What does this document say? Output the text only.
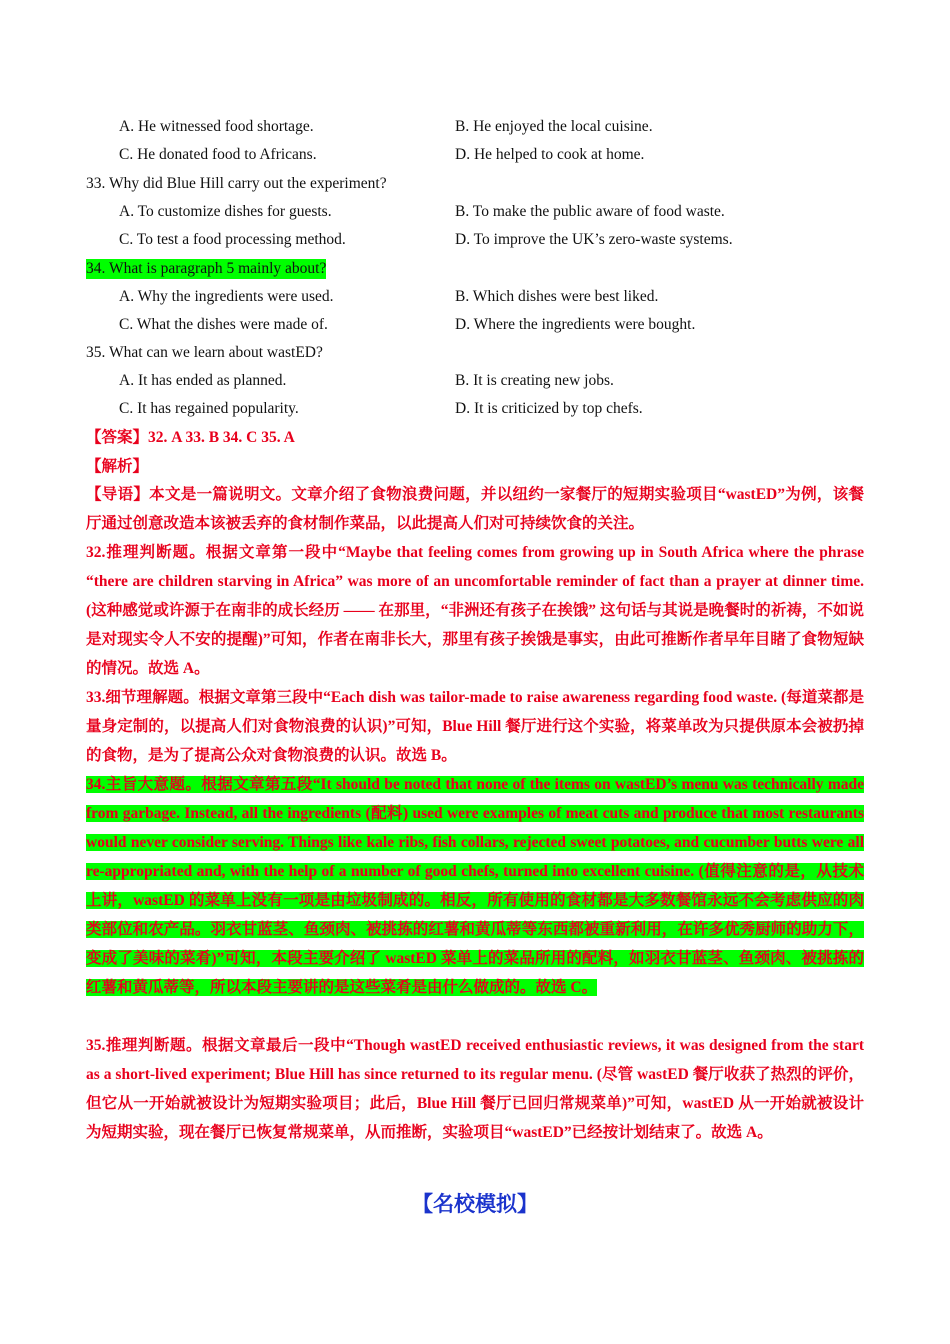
A. He witnessed food shortage.	B. He enjoyed the local cuisine.
C. He donated food to Africans.	D. He helped to cook at home.
33. Why did Blue Hill carry out the experiment?
A. To customize dishes for guests.	B. To make the public aware of food waste.
C. To test a food processing method.	D. To improve the UK’s zero-waste systems.
34. What is paragraph 5 mainly about?
A. Why the ingredients were used.	B. Which dishes were best liked.
C. What the dishes were made of.	D. Where the ingredients were bought.
35. What can we learn about wastED?
A. It has ended as planned.	B. It is creating new jobs.
C. It has regained popularity.	D. It is criticized by top chefs.
【答案】32. A 33. B 34. C 35. A
【解析】
【导语】本文是一篇说明文。文章介绍了食物浪费问题，并以纽约一家餐厅的短期实验项目“wastED”为例，该餐厅通过创意改造本该被丢弃的食材制作菜品，以此提高人们对可持续饮食的关注。
32.推理判断题。根据文章第一段中“Maybe that feeling comes from growing up in South Africa where the phrase “there are children starving in Africa” was more of an uncomfortable reminder of fact than a prayer at dinner time. (这种感觉或许源于在南非的成长经历 —— 在那里，“非洲还有孩子在挨饿” 这句话与其说是晚餐时的祈祷，不如说是对现实令人不安的提醒)”可知，作者在南非长大，那里有孩子挨饿是事实，由此可推断作者早年目睹了食物短缺的情况。故选 A。
33.细节理解题。根据文章第三段中“Each dish was tailor-made to raise awareness regarding food waste. (每道菜都是量身定制的，以提高人们对食物浪费的认识)”可知，Blue Hill 餐厅进行这个实验，将菜单改为只提供原本会被扔掉的食物，是为了提高公众对食物浪费的认识。故选 B。
34.主旨大意题。根据文章第五段“It should be noted that none of the items on wastED’s menu was technically made from garbage. Instead, all the ingredients (配料) used were examples of meat cuts and produce that most restaurants would never consider serving. Things like kale ribs, fish collars, rejected sweet potatoes, and cucumber butts were all re-appropriated and, with the help of a number of good chefs, turned into excellent cuisine. (值得注意的是，从技术上讲，wastED 的菜单上没有一项是由垃圾制成的。相反，所有使用的食材都是大多数餐馆永远不会考虑供应的肉类部位和农产品。羽衣甘蓝茎、鱼颈肉、被挑拣的红薯和黄瓜蒂等东西都被重新利用，在许多优秀厨师的助力下，变成了美味的菜肴)”可知，本段主要介绍了 wastED 菜单上的菜品所用的配料，如羽衣甘蓝茎、鱼颈肉、被挑拣的红薯和黄瓜蒂等，所以本段主要讲的是这些菜肴是由什么做成的。故选 C。
35.推理判断题。根据文章最后一段中“Though wastED received enthusiastic reviews, it was designed from the start as a short-lived experiment; Blue Hill has since returned to its regular menu. (尽管 wastED 餐厅收获了热烈的评价，但它从一开始就被设计为短期实验项目；此后，Blue Hill 餐厅已回归常规菜单)”可知，wastED 从一开始就被设计为短期实验，现在餐厅已恢复常规菜单，从而推断，实验项目“wastED”已经按计划结束了。故选 A。
【名校模拟】
